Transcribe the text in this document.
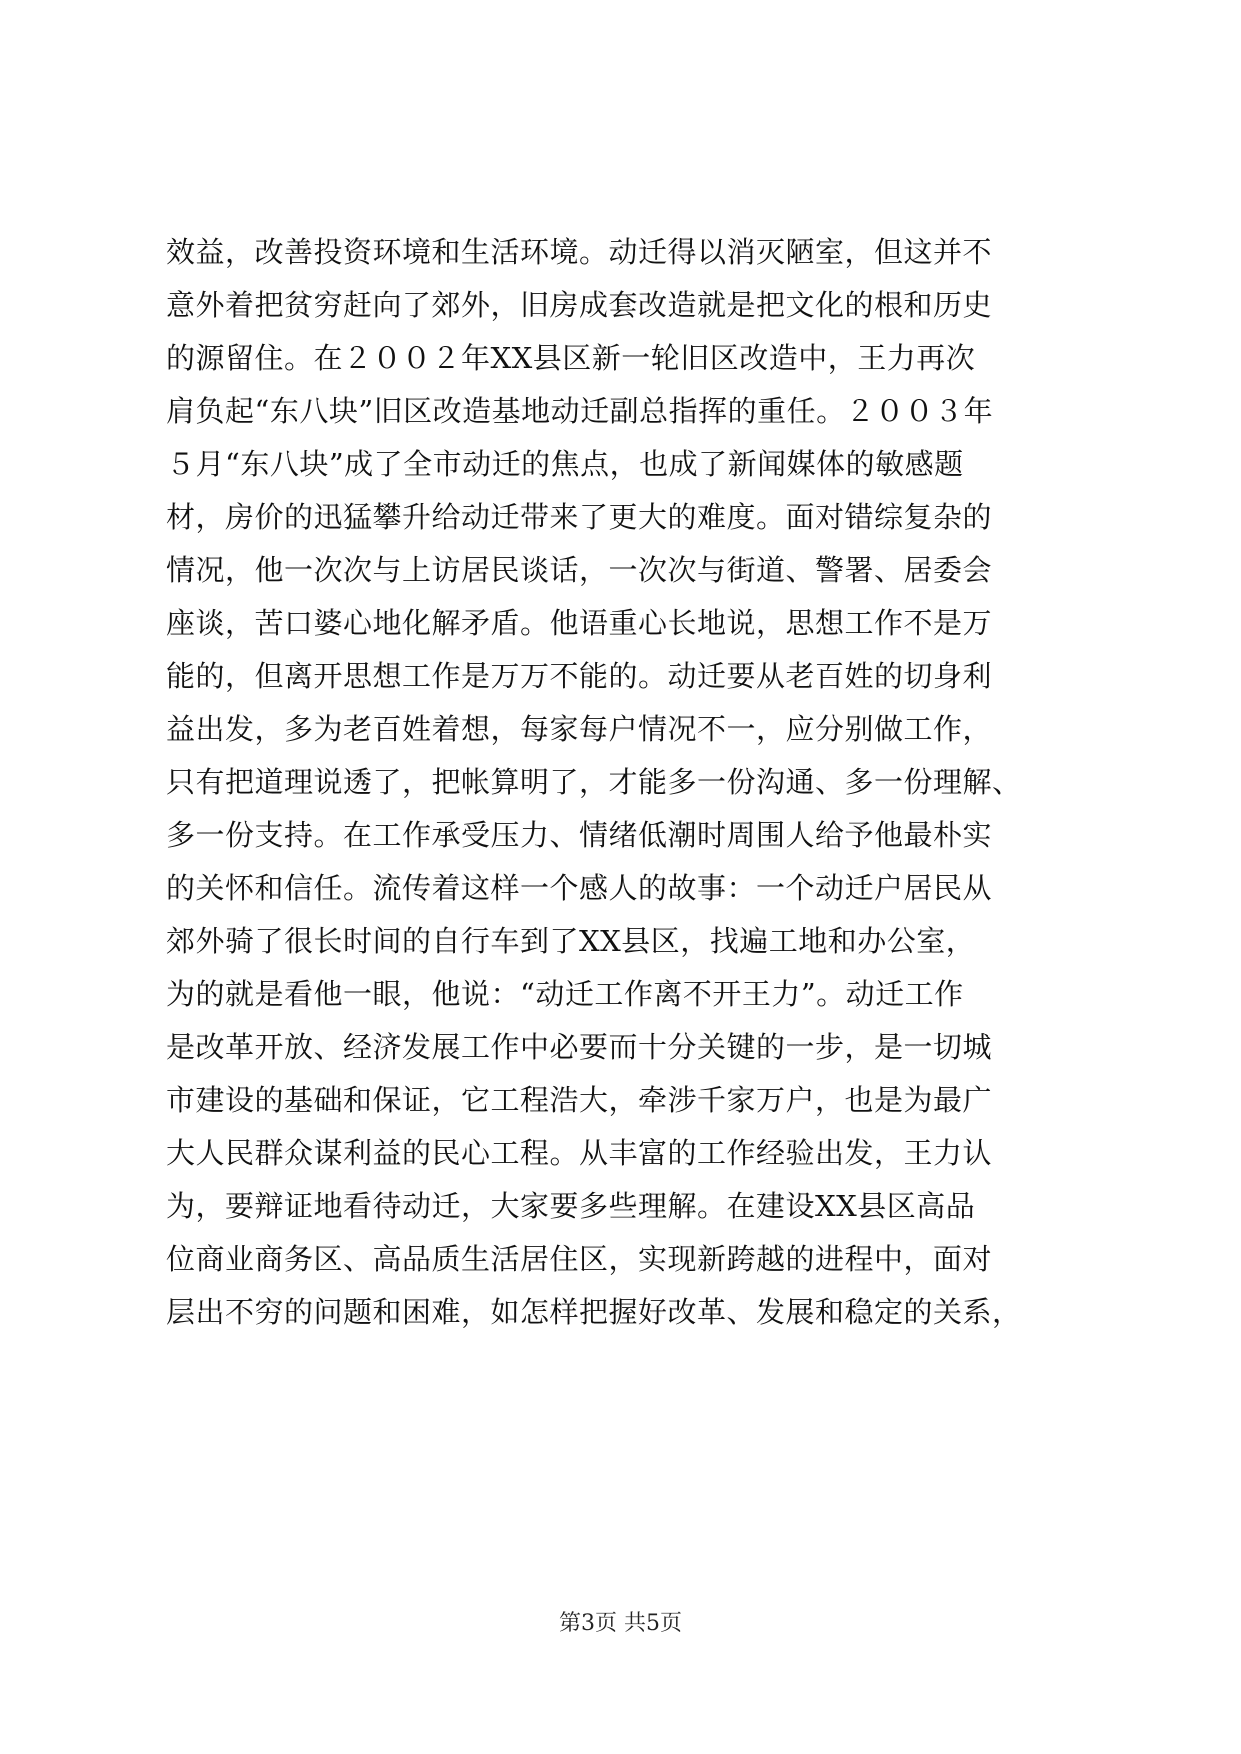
效益，改善投资环境和生活环境。动迁得以消灭陋室，但这并不
意外着把贫穷赶向了郊外，旧房成套改造就是把文化的根和历史
的源留住。在２００２年XX县区新一轮旧区改造中，王力再次
肩负起“东八块”旧区改造基地动迁副总指挥的重任。２００３年
５月“东八块”成了全市动迁的焦点，也成了新闻媒体的敏感题
材，房价的迅猛攀升给动迁带来了更大的难度。面对错综复杂的
情况，他一次次与上访居民谈话，一次次与街道、警署、居委会
座谈，苦口婆心地化解矛盾。他语重心长地说，思想工作不是万
能的，但离开思想工作是万万不能的。动迁要从老百姓的切身利
益出发，多为老百姓着想，每家每户情况不一，应分别做工作，
只有把道理说透了，把帐算明了，才能多一份沟通、多一份理解、
多一份支持。在工作承受压力、情绪低潮时周围人给予他最朴实
的关怀和信任。流传着这样一个感人的故事：一个动迁户居民从
郊外骑了很长时间的自行车到了XX县区，找遍工地和办公室，
为的就是看他一眼，他说：“动迁工作离不开王力”。动迁工作
是改革开放、经济发展工作中必要而十分关键的一步，是一切城
市建设的基础和保证，它工程浩大，牵涉千家万户，也是为最广
大人民群众谋利益的民心工程。从丰富的工作经验出发，王力认
为，要辩证地看待动迁，大家要多些理解。在建设XX县区高品
位商业商务区、高品质生活居住区，实现新跨越的进程中，面对
层出不穷的问题和困难，如怎样把握好改革、发展和稳定的关系，
第3页 共5页
